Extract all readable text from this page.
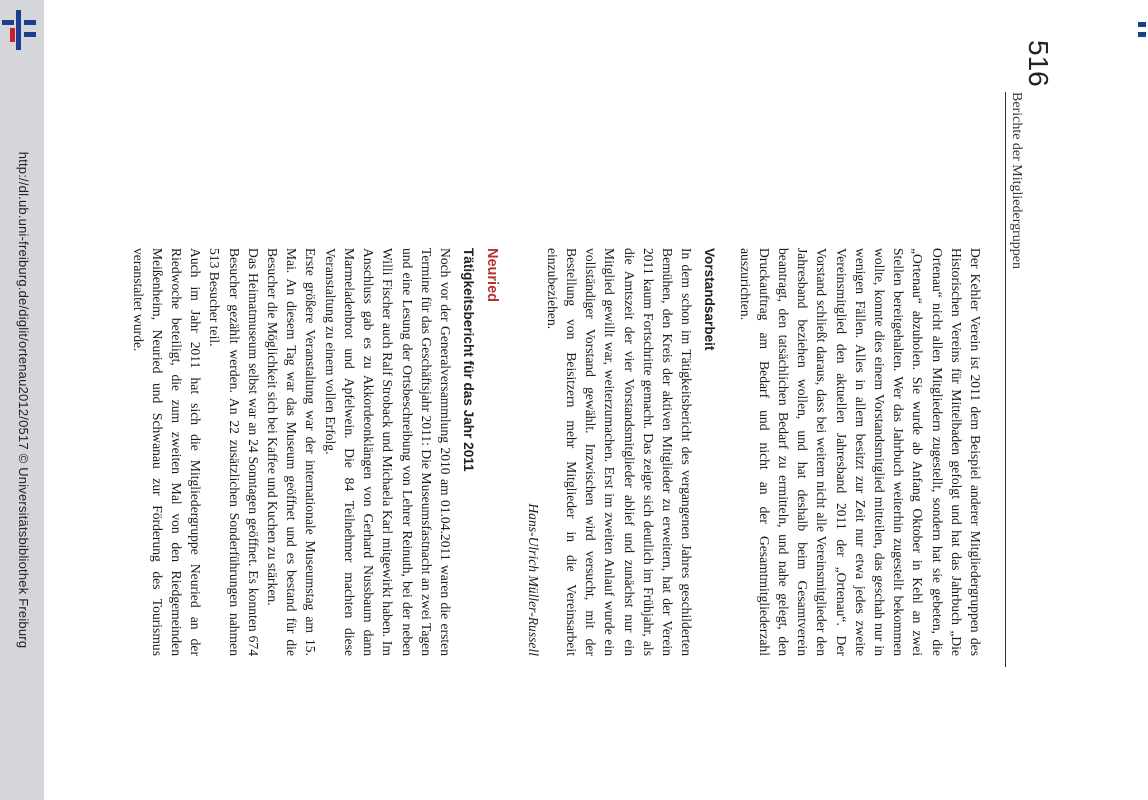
http://dl.ub.uni-freiburg.de/diglit/ortenau2012/0517 © Universitätsbibliothek Freiburg
516
Berichte der Mitgliedergruppen

Der Kehler Verein ist 2011 dem Beispiel anderer Mitgliedergruppen des Historischen Vereins für Mittelbaden gefolgt und hat das Jahrbuch „Die Ortenau“ nicht allen Mitgliedern zugestellt, sondern hat sie gebeten, die „Ortenau“ abzuholen. Sie wurde ab Anfang Oktober in Kehl an zwei Stellen bereitgehalten. Wer das Jahrbuch weiterhin zugestellt bekommen wollte, konnte dies einem Vorstandsmitglied mitteilen, das geschah nur in wenigen Fällen. Alles in allem besitzt zur Zeit nur etwa jedes zweite Vereinsmitglied den aktuellen Jahresband 2011 der „Ortenau“. Der Vorstand schließt daraus, dass bei weitem nicht alle Vereinsmitglieder den Jahresband beziehen wollen, und hat deshalb beim Gesamtverein beantragt, den tatsächlichen Bedarf zu ermitteln, und nahe gelegt, den Druckauftrag am Bedarf und nicht an der Gesamtmitgliederzahl auszurichten.

Vorstandsarbeit

In dem schon im Tätigkeitsbericht des vergangenen Jahres geschilderten Bemühen, den Kreis der aktiven Mitglieder zu erweitern, hat der Verein 2011 kaum Fortschritte gemacht. Das zeigte sich deutlich im Frühjahr, als die Amtszeit der vier Vorstandsmitglieder ablief und zunächst nur ein Mitglied gewillt war, weiterzumachen. Erst im zweiten Anlauf wurde ein vollständiger Vorstand gewählt. Inzwischen wird versucht, mit der Bestellung von Beisitzern mehr Mitglieder in die Vereinsarbeit einzubeziehen.

Hans-Ulrich Müller-Russell

Neuried
Tätigkeitsbericht für das Jahr 2011

Noch vor der Generalversammlung 2010 am 01.04.2011 waren die ersten Termine für das Geschäftsjahr 2011: Die Museumsfastnacht an zwei Tagen und eine Lesung der Ortsbeschreibung von Lehrer Reinuth, bei der neben Willi Fischer auch Ralf Stroback und Michaela Karl mitgewirkt haben. Im Anschluss gab es zu Akkordeonklängen von Gerhard Nussbaum dann Marmeladenbrot und Apfelwein. Die 84 Teilnehmer machten diese Veranstaltung zu einem vollen Erfolg.

Erste größere Veranstaltung war der internationale Museumstag am 15. Mai. An diesem Tag war das Museum geöffnet und es bestand für die Besucher die Möglichkeit sich bei Kaffee und Kuchen zu stärken.

Das Heimatmuseum selbst war an 24 Sonntagen geöffnet. Es konnten 674 Besucher gezählt werden. An 22 zusätzlichen Sonderführungen nahmen 513 Besucher teil.

Auch im Jahr 2011 hat sich die Mitgliedergruppe Neuried an der Riedwoche beteiligt, die zum zweiten Mal von den Riedgemeinden Meißenheim, Neuried und Schwanau zur Förderung des Tourismus veranstaltet wurde.
